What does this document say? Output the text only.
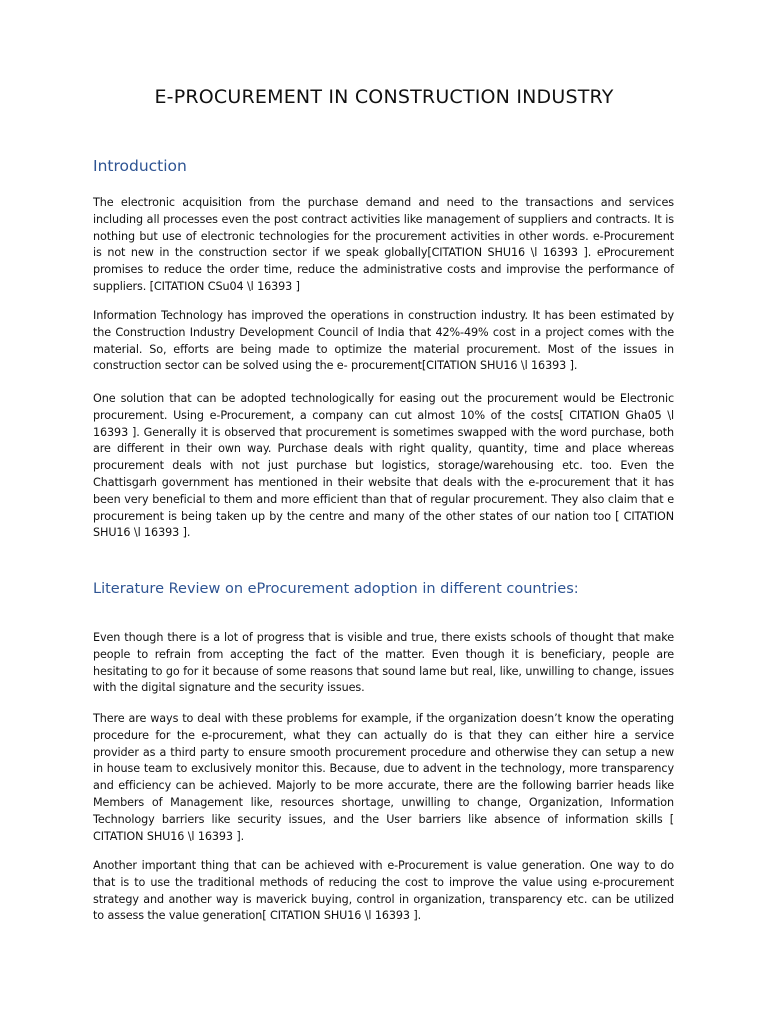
E-PROCUREMENT IN CONSTRUCTION INDUSTRY
Introduction

The electronic acquisition from the purchase demand and need to the transactions and services including all processes even the post contract activities like management of suppliers and contracts. It is nothing but use of electronic technologies for the procurement activities in other words. e-Procurement is not new in the construction sector if we speak globally[CITATION SHU16 \l 16393 ]. eProcurement promises to reduce the order time, reduce the administrative costs and improvise the performance of suppliers. [CITATION CSu04 \l 16393 ]

Information Technology has improved the operations in construction industry. It has been estimated by the Construction Industry Development Council of India that 42%-49% cost in a project comes with the material. So, efforts are being made to optimize the material procurement. Most of the issues in construction sector can be solved using the e- procurement[CITATION SHU16 \l 16393 ].

One solution that can be adopted technologically for easing out the procurement would be Electronic procurement. Using e-Procurement, a company can cut almost 10% of the costs[ CITATION Gha05 \l 16393 ]. Generally it is observed that procurement is sometimes swapped with the word purchase, both are different in their own way. Purchase deals with right quality, quantity, time and place whereas procurement deals with not just purchase but logistics, storage/warehousing etc. too. Even the Chattisgarh government has mentioned in their website that deals with the e-procurement that it has been very beneficial to them and more efficient than that of regular procurement. They also claim that e procurement is being taken up by the centre and many of the other states of our nation too [ CITATION SHU16 \l 16393 ].

Literature Review on eProcurement adoption in different countries:

Even though there is a lot of progress that is visible and true, there exists schools of thought that make people to refrain from accepting the fact of the matter. Even though it is beneficiary, people are hesitating to go for it because of some reasons that sound lame but real, like, unwilling to change, issues with the digital signature and the security issues.

There are ways to deal with these problems for example, if the organization doesn’t know the operating procedure for the e-procurement, what they can actually do is that they can either hire a service provider as a third party to ensure smooth procurement procedure and otherwise they can setup a new in house team to exclusively monitor this. Because, due to advent in the technology, more transparency and efficiency can be achieved. Majorly to be more accurate, there are the following barrier heads like Members of Management like, resources shortage, unwilling to change, Organization, Information Technology barriers like security issues, and the User barriers like absence of information skills [ CITATION SHU16 \l 16393 ].

Another important thing that can be achieved with e-Procurement is value generation. One way to do that is to use the traditional methods of reducing the cost to improve the value using e-procurement strategy and another way is maverick buying, control in organization, transparency etc. can be utilized to assess the value generation[ CITATION SHU16 \l 16393 ].
